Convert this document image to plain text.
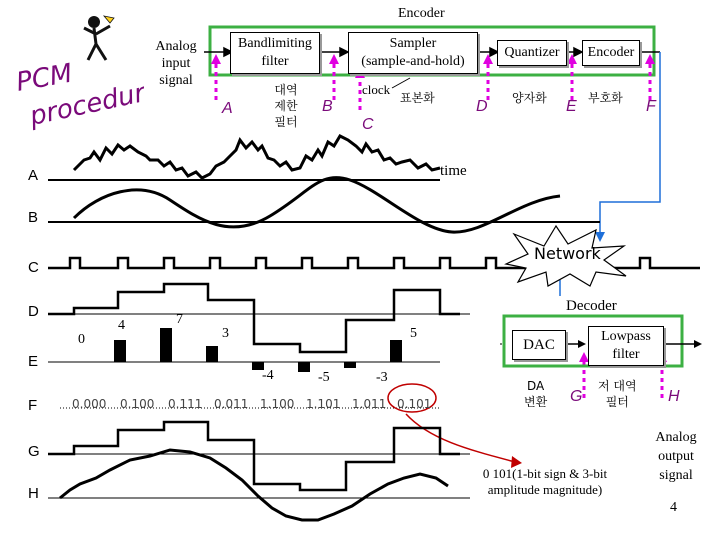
PCM
procedure
Encoder
Analog
input
signal
Bandlimiting
filter
Sampler
(sample-and-hold)
Quantizer	Encoder
clock
대역
제한
필터
표본화	양자화	부호화
A	B
C
D	E	F
A
B
C
D
E
F
G
H
time
0
4	7
3
-4	-5	-3
5
0.000 0.100 0.111 0.011 1.100 1.101 1.011 0.101
Network
Decoder
DAC
Lowpass
filter
DA
변환
저 대역
필터
G	H
Analog
output
signal
0 101(1-bit sign & 3-bit
amplitude magnitude)
4
